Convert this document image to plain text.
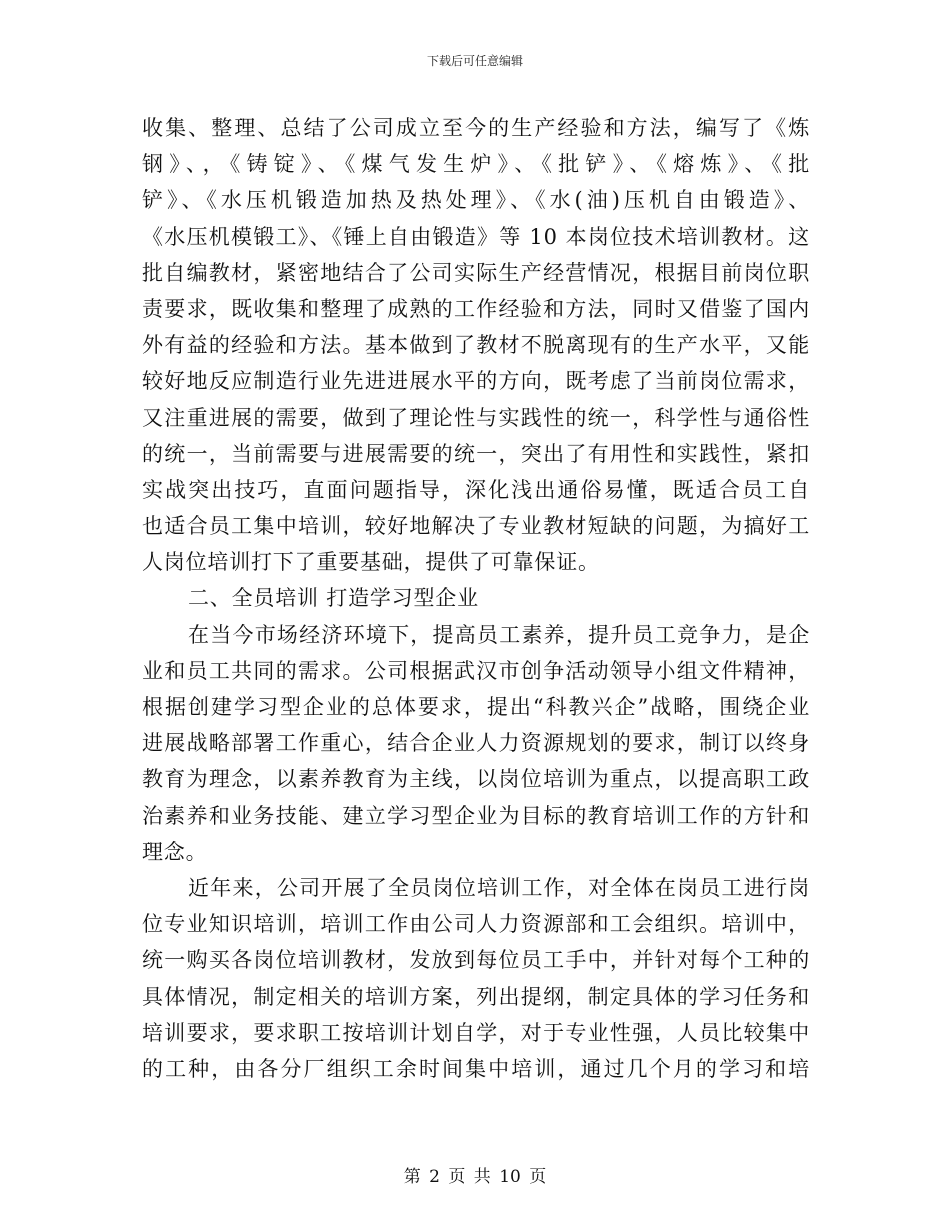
下载后可任意编辑
收集、整理、总结了公司成立至今的生产经验和方法，编写了《炼
钢》、，《铸锭》、《煤气发生炉》、《批铲》、《熔炼》、《批
铲》、《水压机锻造加热及热处理》、《水(油)压机自由锻造》、
《水压机模锻工》、《锤上自由锻造》等 10 本岗位技术培训教材。这
批自编教材，紧密地结合了公司实际生产经营情况，根据目前岗位职
责要求，既收集和整理了成熟的工作经验和方法，同时又借鉴了国内
外有益的经验和方法。基本做到了教材不脱离现有的生产水平，又能
较好地反应制造行业先进进展水平的方向，既考虑了当前岗位需求，
又注重进展的需要，做到了理论性与实践性的统一，科学性与通俗性
的统一，当前需要与进展需要的统一，突出了有用性和实践性，紧扣
实战突出技巧，直面问题指导，深化浅出通俗易懂，既适合员工自
也适合员工集中培训，较好地解决了专业教材短缺的问题，为搞好工
人岗位培训打下了重要基础，提供了可靠保证。
二、全员培训 打造学习型企业
在当今市场经济环境下，提高员工素养，提升员工竞争力，是企
业和员工共同的需求。公司根据武汉市创争活动领导小组文件精神，
根据创建学习型企业的总体要求，提出“科教兴企”战略，围绕企业
进展战略部署工作重心，结合企业人力资源规划的要求，制订以终身
教育为理念，以素养教育为主线，以岗位培训为重点，以提高职工政
治素养和业务技能、建立学习型企业为目标的教育培训工作的方针和
理念。
近年来，公司开展了全员岗位培训工作，对全体在岗员工进行岗
位专业知识培训，培训工作由公司人力资源部和工会组织。培训中，
统一购买各岗位培训教材，发放到每位员工手中，并针对每个工种的
具体情况，制定相关的培训方案，列出提纲，制定具体的学习任务和
培训要求，要求职工按培训计划自学，对于专业性强，人员比较集中
的工种，由各分厂组织工余时间集中培训，通过几个月的学习和培
第 2 页 共 10 页
